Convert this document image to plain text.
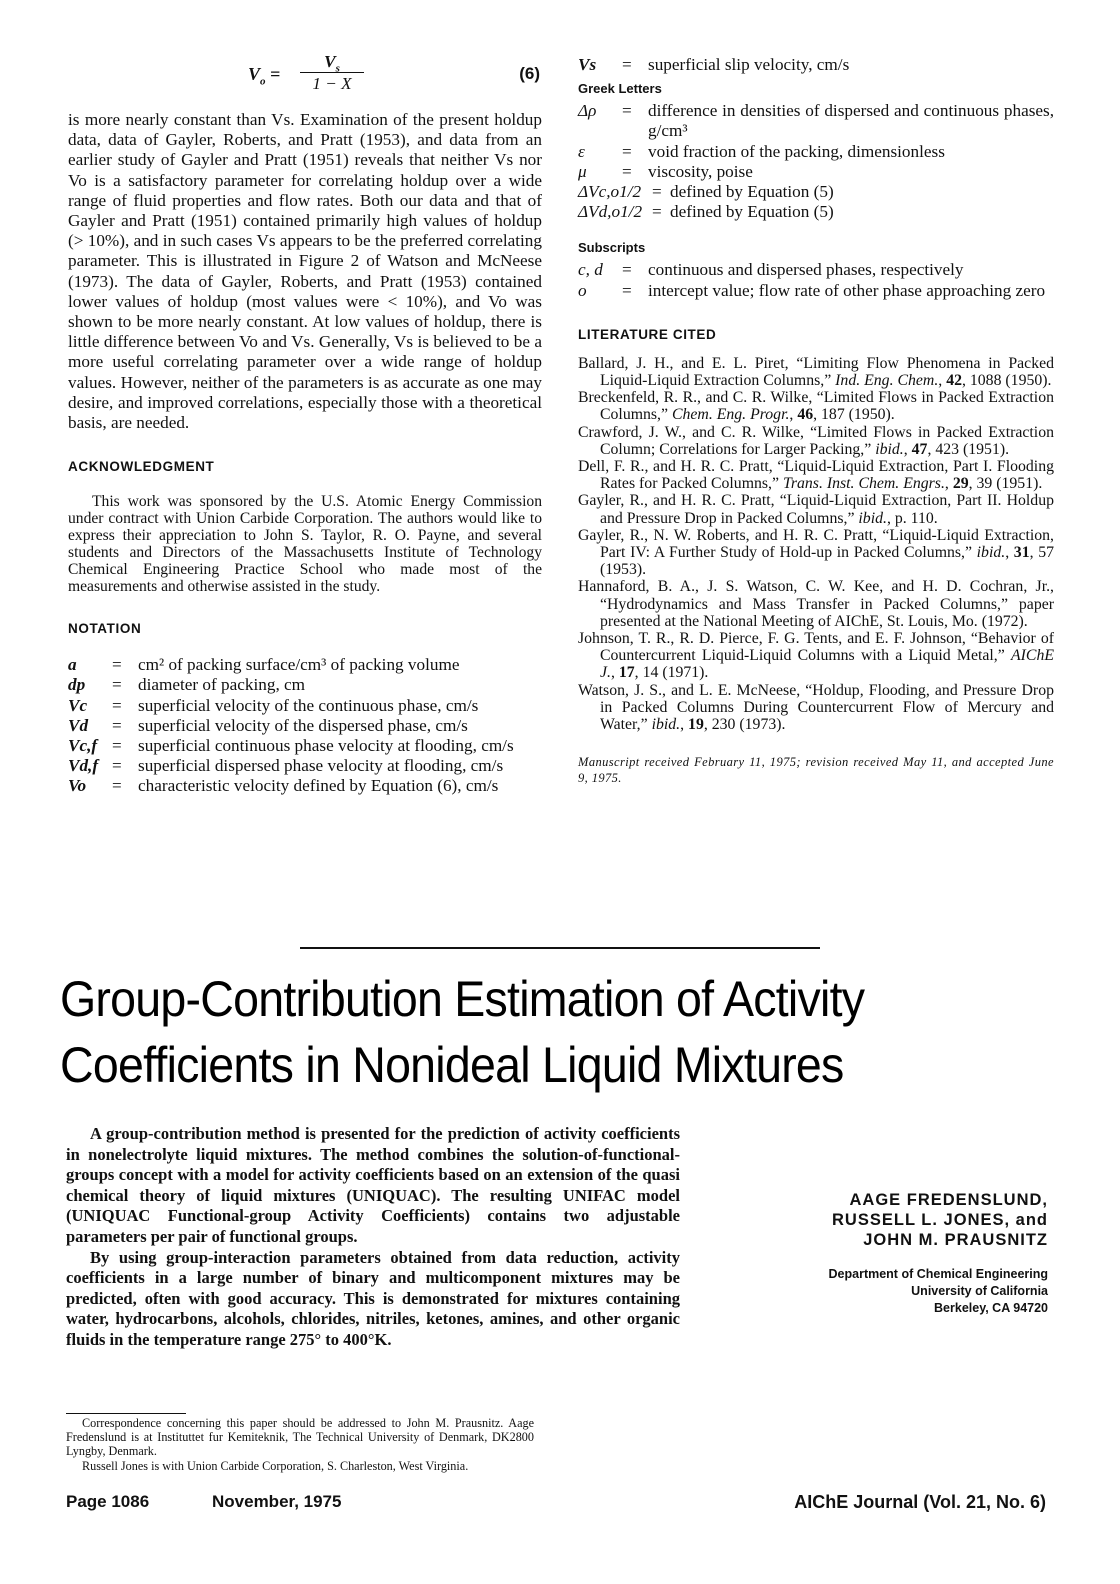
$V_o = \frac{V_s}{1 - X}$	(6)

is more nearly constant than Vs. Examination of the present holdup data, data of Gayler, Roberts, and Pratt (1953), and data from an earlier study of Gayler and Pratt (1951) reveals that neither Vs nor Vo is a satisfactory parameter for correlating holdup over a wide range of fluid properties and flow rates. Both our data and that of Gayler and Pratt (1951) contained primarily high values of holdup (> 10%), and in such cases Vs appears to be the preferred correlating parameter. This is illustrated in Figure 2 of Watson and McNeese (1973). The data of Gayler, Roberts, and Pratt (1953) contained lower values of holdup (most values were < 10%), and Vo was shown to be more nearly constant. At low values of holdup, there is little difference between Vo and Vs. Generally, Vs is believed to be a more useful correlating parameter over a wide range of holdup values. However, neither of the parameters is as accurate as one may desire, and improved correlations, especially those with a theoretical basis, are needed.

ACKNOWLEDGMENT

This work was sponsored by the U.S. Atomic Energy Commission under contract with Union Carbide Corporation. The authors would like to express their appreciation to John S. Taylor, R. O. Payne, and several students and Directors of the Massachusetts Institute of Technology Chemical Engineering Practice School who made most of the measurements and otherwise assisted in the study.

NOTATION
a	= cm² of packing surface/cm³ of packing volume
dp	= diameter of packing, cm
Vc	= superficial velocity of the continuous phase, cm/s
Vd	= superficial velocity of the dispersed phase, cm/s
Vc,f = superficial continuous phase velocity at flooding, cm/s
Vd,f = superficial dispersed phase velocity at flooding, cm/s
Vo	= characteristic velocity defined by Equation (6), cm/s
Vs	= superficial slip velocity, cm/s
Greek Letters
Δρ	= difference in densities of dispersed and continuous phases, g/cm³
ε	= void fraction of the packing, dimensionless
μ	= viscosity, poise
ΔVc,o1/2 = defined by Equation (5)
ΔVd,o1/2 = defined by Equation (5)
Subscripts
c, d	= continuous and dispersed phases, respectively
o	= intercept value; flow rate of other phase approaching zero
LITERATURE CITED

Ballard, J. H., and E. L. Piret, “Limiting Flow Phenomena in Packed Liquid-Liquid Extraction Columns,” Ind. Eng. Chem., 42, 1088 (1950).

Breckenfeld, R. R., and C. R. Wilke, “Limited Flows in Packed Extraction Columns,” Chem. Eng. Progr., 46, 187 (1950).

Crawford, J. W., and C. R. Wilke, “Limited Flows in Packed Extraction Column; Correlations for Larger Packing,” ibid., 47, 423 (1951).

Dell, F. R., and H. R. C. Pratt, “Liquid-Liquid Extraction, Part I. Flooding Rates for Packed Columns,” Trans. Inst. Chem. Engrs., 29, 39 (1951).

Gayler, R., and H. R. C. Pratt, “Liquid-Liquid Extraction, Part II. Holdup and Pressure Drop in Packed Columns,” ibid., p. 110.

Gayler, R., N. W. Roberts, and H. R. C. Pratt, “Liquid-Liquid Extraction, Part IV: A Further Study of Hold-up in Packed Columns,” ibid., 31, 57 (1953).

Hannaford, B. A., J. S. Watson, C. W. Kee, and H. D. Cochran, Jr., “Hydrodynamics and Mass Transfer in Packed Columns,” paper presented at the National Meeting of AIChE, St. Louis, Mo. (1972).

Johnson, T. R., R. D. Pierce, F. G. Tents, and E. F. Johnson, “Behavior of Countercurrent Liquid-Liquid Columns with a Liquid Metal,” AIChE J., 17, 14 (1971).

Watson, J. S., and L. E. McNeese, “Holdup, Flooding, and Pressure Drop in Packed Columns During Countercurrent Flow of Mercury and Water,” ibid., 19, 230 (1973).

Manuscript received February 11, 1975; revision received May 11, and accepted June 9, 1975.
Group-Contribution Estimation of Activity
Coefficients in Nonideal Liquid Mixtures

A group-contribution method is presented for the prediction of activity coefficients in nonelectrolyte liquid mixtures. The method combines the solution-of-functional-groups concept with a model for activity coefficients based on an extension of the quasi chemical theory of liquid mixtures (UNIQUAC). The resulting UNIFAC model (UNIQUAC Functional-group Activity Coefficients) contains two adjustable parameters per pair of functional groups.

By using group-interaction parameters obtained from data reduction, activity coefficients in a large number of binary and multicomponent mixtures may be predicted, often with good accuracy. This is demonstrated for mixtures containing water, hydrocarbons, alcohols, chlorides, nitriles, ketones, amines, and other organic fluids in the temperature range 275° to 400°K.

AAGE FREDENSLUND,
RUSSELL L. JONES, and
JOHN M. PRAUSNITZ
Department of Chemical Engineering
University of California
Berkeley, CA 94720

Correspondence concerning this paper should be addressed to John M. Prausnitz. Aage Fredenslund is at Instituttet fur Kemiteknik, The Technical University of Denmark, DK2800 Lyngby, Denmark.

Russell Jones is with Union Carbide Corporation, S. Charleston, West Virginia.

Page 1086	November, 1975	AIChE Journal (Vol. 21, No. 6)
